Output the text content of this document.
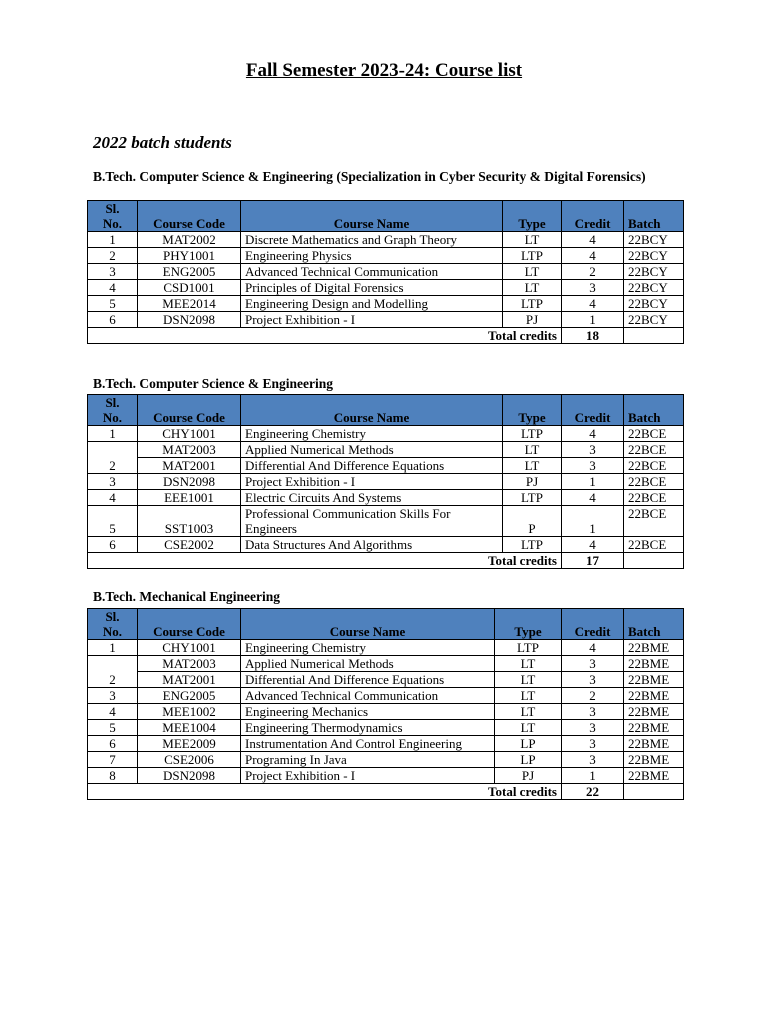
Fall Semester 2023-24: Course list
2022 batch students
B.Tech. Computer Science & Engineering (Specialization in Cyber Security & Digital Forensics)
Sl.
No.	Course Code	Course Name	Type	Credit	Batch
1	MAT2002	Discrete Mathematics and Graph Theory	LT	4	22BCY
2	PHY1001	Engineering Physics	LTP	4	22BCY
3	ENG2005	Advanced Technical Communication	LT	2	22BCY
4	CSD1001	Principles of Digital Forensics	LT	3	22BCY
5	MEE2014	Engineering Design and Modelling	LTP	4	22BCY
6	DSN2098	Project Exhibition - I	PJ	1	22BCY
Total credits				18	
B.Tech. Computer Science & Engineering
Sl.
No.	Course Code	Course Name	Type	Credit	Batch
1	CHY1001	Engineering Chemistry	LTP	4	22BCE
	MAT2003	Applied Numerical Methods	LT	3	22BCE
2	MAT2001	Differential And Difference Equations	LT	3	22BCE
3	DSN2098	Project Exhibition - I	PJ	1	22BCE
4	EEE1001	Electric Circuits And Systems	LTP	4	22BCE
5	SST1003	Professional Communication Skills For Engineers	P	1	22BCE
6	CSE2002	Data Structures And Algorithms	LTP	4	22BCE
Total credits				17	
B.Tech. Mechanical Engineering
Sl.
No.	Course Code	Course Name	Type	Credit	Batch
1	CHY1001	Engineering Chemistry	LTP	4	22BME
	MAT2003	Applied Numerical Methods	LT	3	22BME
2	MAT2001	Differential And Difference Equations	LT	3	22BME
3	ENG2005	Advanced Technical Communication	LT	2	22BME
4	MEE1002	Engineering Mechanics	LT	3	22BME
5	MEE1004	Engineering Thermodynamics	LT	3	22BME
6	MEE2009	Instrumentation And Control Engineering	LP	3	22BME
7	CSE2006	Programing In Java	LP	3	22BME
8	DSN2098	Project Exhibition - I	PJ	1	22BME
Total credits				22	
